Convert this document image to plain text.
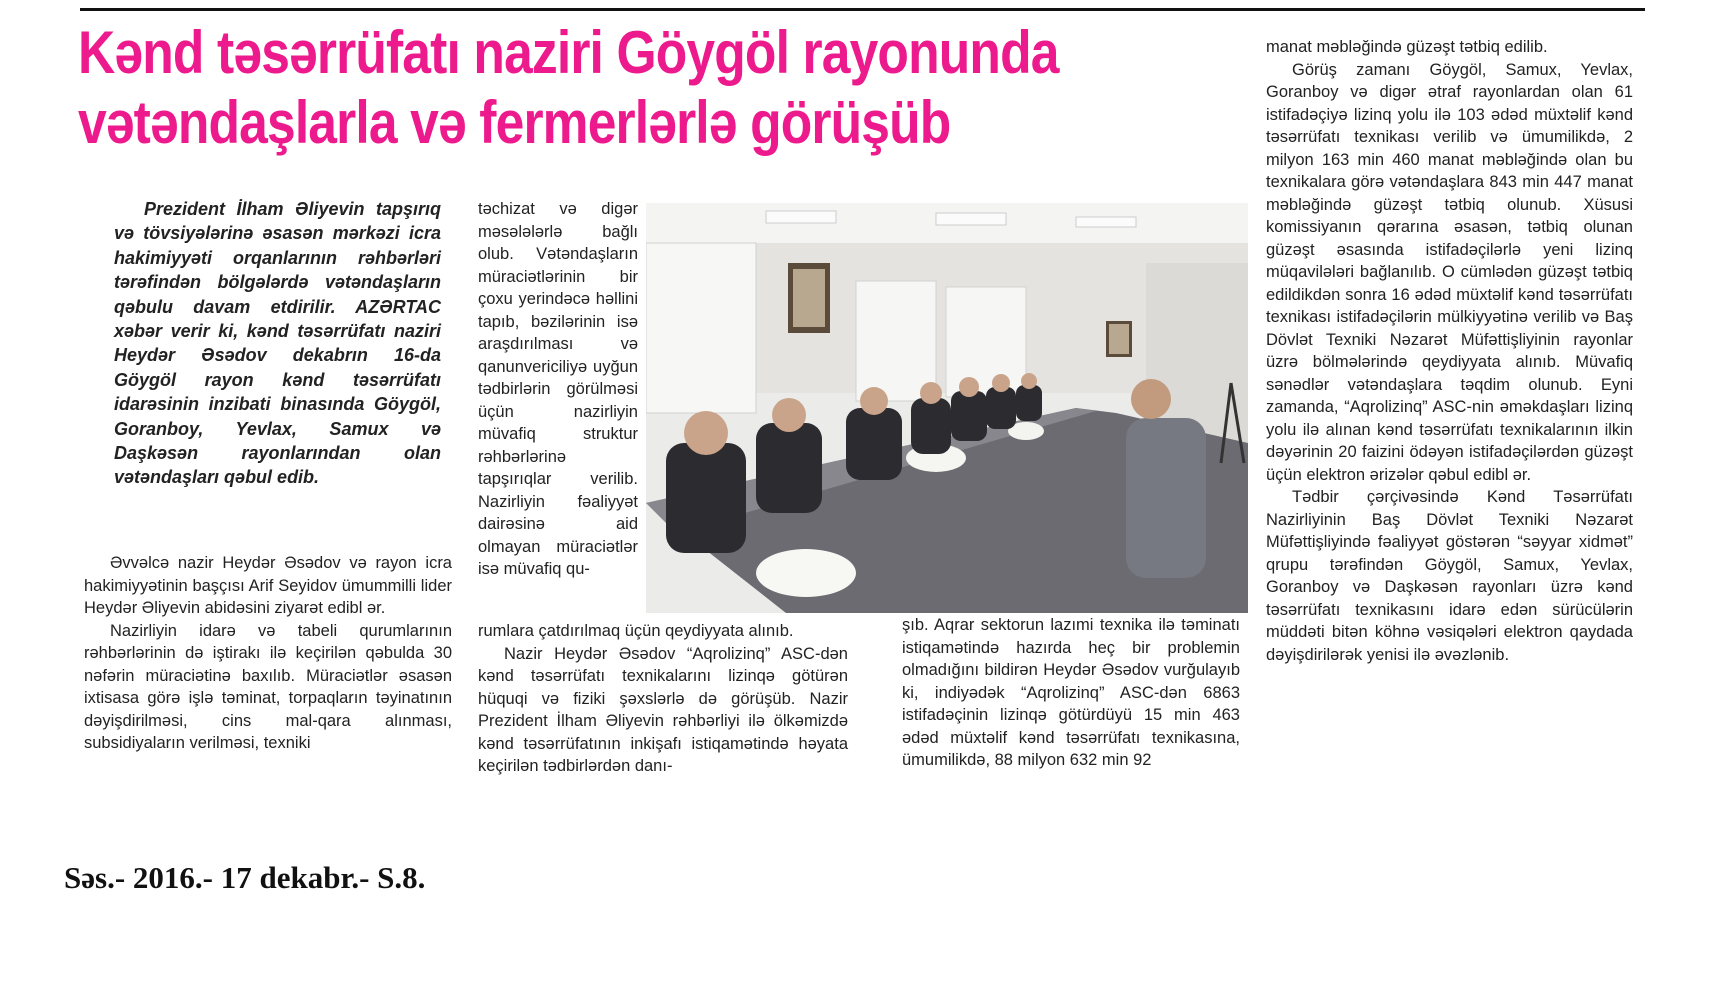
Kənd təsərrüfatı naziri Göygöl rayonunda vətəndaşlarla və fermerlərlə görüşüb

Prezident İlham Əliyevin tapşırıq və tövsiyələrinə əsasən mərkəzi icra hakimiyyəti orqanlarının rəhbərləri tərəfindən bölgələrdə vətəndaşların qəbulu davam etdirilir. AZƏRTAC xəbər verir ki, kənd təsərrüfatı naziri Heydər Əsədov dekabrın 16-da Göygöl rayon kənd təsərrüfatı idarəsinin inzibati binasında Göygöl, Goranboy, Yevlax, Samux və Daşkəsən rayonlarından olan vətəndaşları qəbul edib.

Əvvəlcə nazir Heydər Əsədov və rayon icra hakimiyyətinin başçısı Arif Seyidov ümummilli lider Heydər Əliyevin abidəsini ziyarət edibl ər.

Nazirliyin idarə və tabeli qurumlarının rəhbərlərinin də iştirakı ilə keçirilən qəbulda 30 nəfərin müraciətinə baxılıb. Müraciətlər əsasən ixtisasa görə işlə təminat, torpaqların təyinatının dəyişdirilməsi, cins mal-qara alınması, subsidiyaların verilməsi, texniki

təchizat və digər məsələlərlə bağlı olub. Vətəndaşların müraciətlərinin bir çoxu yerindəcə həllini tapıb, bəzilərinin isə araşdırılması və qanunvericiliyə uyğun tədbirlərin görülməsi üçün nazirliyin müvafiq struktur rəhbərlərinə tapşırıqlar verilib. Nazirliyin fəaliyyət dairəsinə aid olmayan müraciətlər isə müvafiq qu-

rumlara çatdırılmaq üçün qeydiyyata alınıb.

Nazir Heydər Əsədov “Aqrolizinq” ASC-dən kənd təsərrüfatı texnikalarını lizinqə götürən hüquqi və fiziki şəxslərlə də görüşüb. Nazir Prezident İlham Əliyevin rəhbərliyi ilə ölkəmizdə kənd təsərrüfatının inkişafı istiqamətində həyata keçirilən tədbirlərdən danı-

şıb. Aqrar sektorun lazımi texnika ilə təminatı istiqamətində hazırda heç bir problemin olmadığını bildirən Heydər Əsədov vurğulayıb ki, indiyədək “Aqrolizinq” ASC-dən 6863 istifadəçinin lizinqə götürdüyü 15 min 463 ədəd müxtəlif kənd təsərrüfatı texnikasına, ümumilikdə, 88 milyon 632 min 92

manat məbləğində güzəşt tətbiq edilib.

Görüş zamanı Göygöl, Samux, Yevlax, Goranboy və digər ətraf rayonlardan olan 61 istifadəçiyə lizinq yolu ilə 103 ədəd müxtəlif kənd təsərrüfatı texnikası verilib və ümumilikdə, 2 milyon 163 min 460 manat məbləğində olan bu texnikalara görə vətəndaşlara 843 min 447 manat məbləğində güzəşt tətbiq olunub. Xüsusi komissiyanın qərarına əsasən, tətbiq olunan güzəşt əsasında istifadəçilərlə yeni lizinq müqavilələri bağlanılıb. O cümlədən güzəşt tətbiq edildikdən sonra 16 ədəd müxtəlif kənd təsərrüfatı texnikası istifadəçilərin mülkiyyətinə verilib və Baş Dövlət Texniki Nəzarət Müfəttişliyinin rayonlar üzrə bölmələrində qeydiyyata alınıb. Müvafiq sənədlər vətəndaşlara təqdim olunub. Eyni zamanda, “Aqrolizinq” ASC-nin əməkdaşları lizinq yolu ilə alınan kənd təsərrüfatı texnikalarının ilkin dəyərinin 20 faizini ödəyən istifadəçilərdən güzəşt üçün elektron ərizələr qəbul edibl ər.

Tədbir çərçivəsində Kənd Təsərrüfatı Nazirliyinin Baş Dövlət Texniki Nəzarət Müfəttişliyində fəaliyyət göstərən “səyyar xidmət” qrupu tərəfindən Göygöl, Samux, Yevlax, Goranboy və Daşkəsən rayonları üzrə kənd təsərrüfatı texnikasını idarə edən sürücülərin müddəti bitən köhnə vəsiqələri elektron qaydada dəyişdirilərək yenisi ilə əvəzlənib.

Səs.- 2016.- 17 dekabr.- S.8.
